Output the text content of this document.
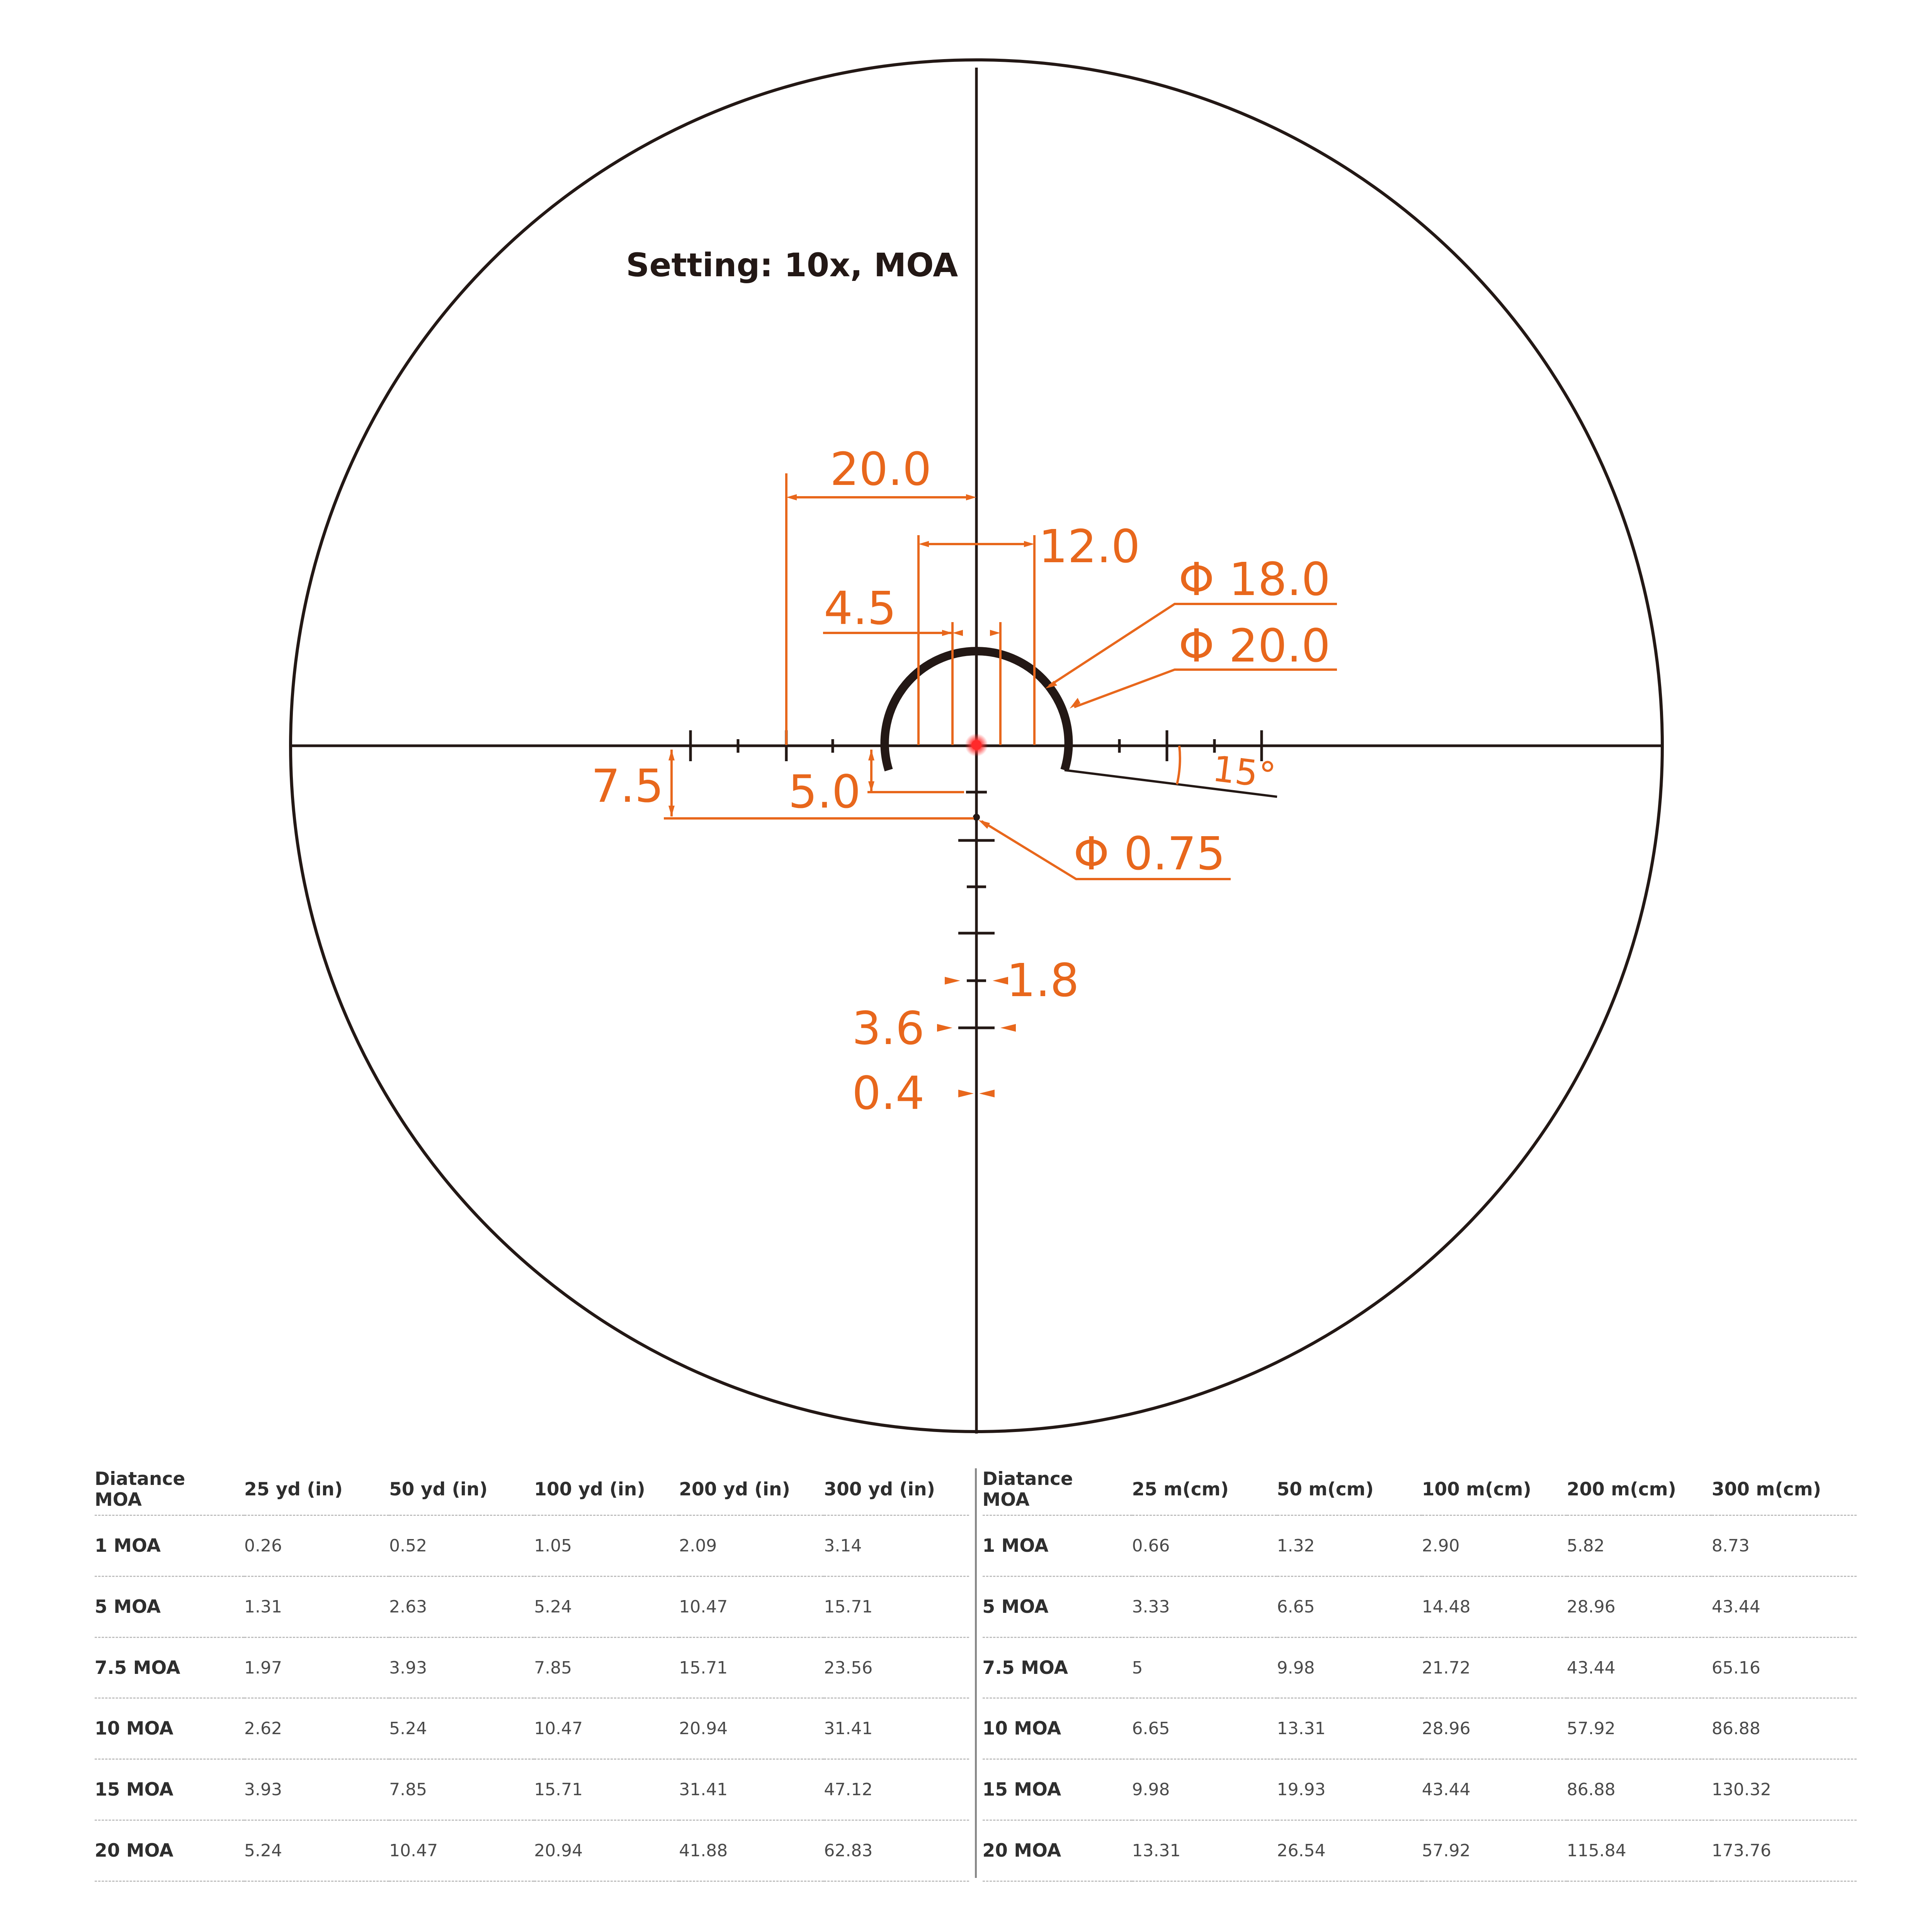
20.0
12.0
4.5
Φ 18.0
Φ 20.0
7.5	5.0	15°
Φ 0.75
1.8
3.6
0.4
Setting: 10x, MOA
Diatance
MOA	25 yd (in)	50 yd (in)	100 yd (in)	200 yd (in)	300 yd (in)
1 MOA	0.26	0.52	1.05	2.09	3.14
5 MOA	1.31	2.63	5.24	10.47	15.71
7.5 MOA	1.97	3.93	7.85	15.71	23.56
10 MOA	2.62	5.24	10.47	20.94	31.41
15 MOA	3.93	7.85	15.71	31.41	47.12
20 MOA	5.24	10.47	20.94	41.88	62.83
Diatance
MOA	25 m(cm)	50 m(cm)	100 m(cm)	200 m(cm)	300 m(cm)
1 MOA	0.66	1.32	2.90	5.82	8.73
5 MOA	3.33	6.65	14.48	28.96	43.44
7.5 MOA	5	9.98	21.72	43.44	65.16
10 MOA	6.65	13.31	28.96	57.92	86.88
15 MOA	9.98	19.93	43.44	86.88	130.32
20 MOA	13.31	26.54	57.92	115.84	173.76
